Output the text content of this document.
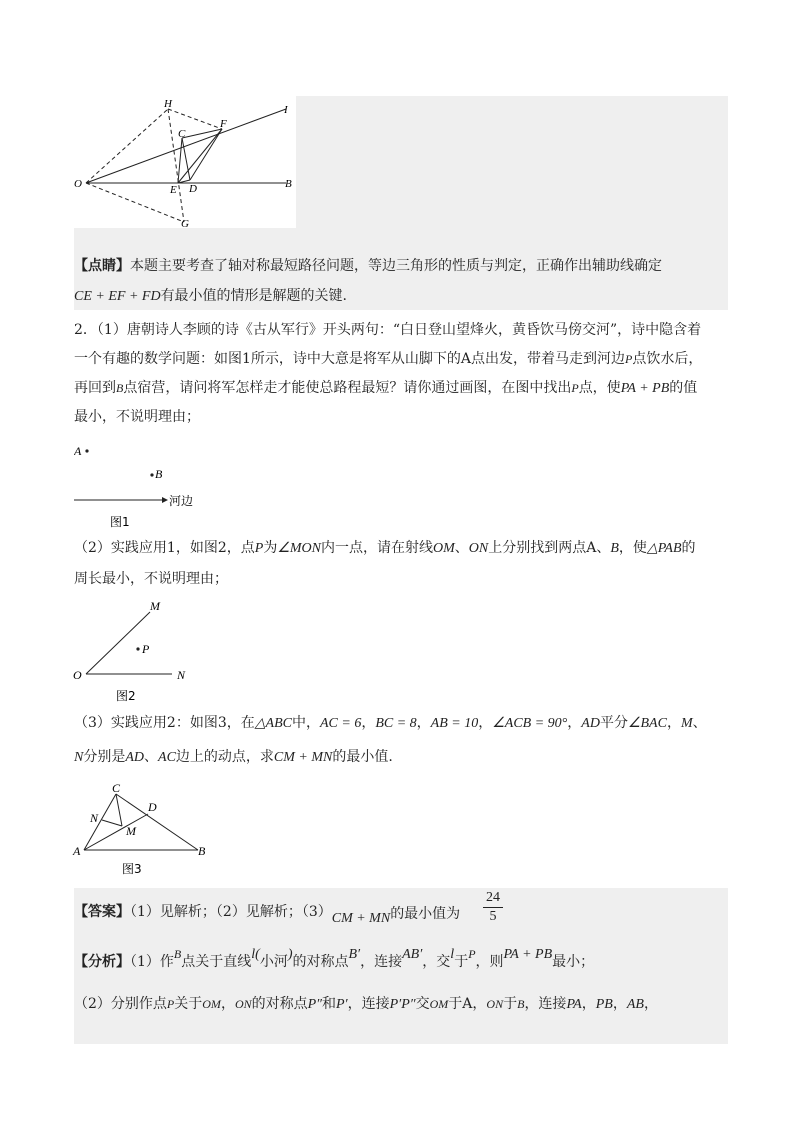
H	I
C
F
O	E D	B
G
【点睛】本题主要考查了轴对称最短路径问题，等边三角形的性质与判定，正确作出辅助线确定
CE + EF + FD有最小值的情形是解题的关键.
2．（1）唐朝诗人李顾的诗《古从军行》开头两句：“白日登山望烽火，黄昏饮马傍交河”，诗中隐含着
一个有趣的数学问题：如图1所示，诗中大意是将军从山脚下的A点出发，带着马走到河边P点饮水后，
再回到B点宿营，请问将军怎样走才能使总路程最短？请你通过画图，在图中找出P点，使PA + PB的值
最小，不说明理由；
A
B
河边
图1
（2）实践应用1，如图2，点P为∠MON内一点，请在射线OM、ON上分别找到两点A、B，使△PAB的
周长最小，不说明理由；
M
P
O	N
图2
（3）实践应用2：如图3，在△ABC中，AC = 6，BC = 8，AB = 10，∠ACB = 90°，AD平分∠BAC，M、
N分别是AD、AC边上的动点，求CM + MN的最小值.
C
N
D
M
A	B
图3
【答案】（1）见解析；（2）见解析；（3）CM + MN的最小值为
24
5
【分析】（1）作B点关于直线l(小河)的对称点B′，连接AB′，交l于P，则PA + PB最小；
（2）分别作点P关于OM，ON的对称点P″和P′，连接P′P″交OM于A，ON于B，连接PA，PB，AB，
